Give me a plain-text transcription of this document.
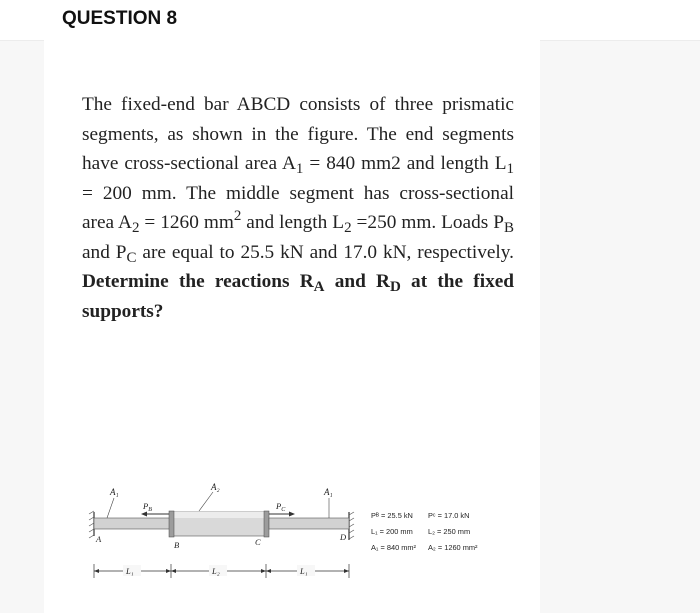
QUESTION 8
The fixed-end bar ABCD consists of three prismatic segments, as shown in the figure. The end segments have cross-sectional area $A_1 = 840$ mm2 and length $L_1 = 200$ mm. The middle segment has cross-sectional area $A_2 = 1260$ $mm^2$ and length $L_2 =250$ mm. Loads $P_B$ and $P_C$ are equal to 25.5 kN and 17.0 kN, respectively. Determine the reactions $R_A$ and $R_D$ at the fixed supports?
A₁	A₂	A₁
$P_B$	$P_C$
A
B	C	D
L₁	L₂	L₁
Pᴮ = 25.5 kN Pᶜ = 17.0 kN
L₁ = 200 mm L₂ = 250 mm
A₁ = 840 mm² A₂ = 1260 mm²
